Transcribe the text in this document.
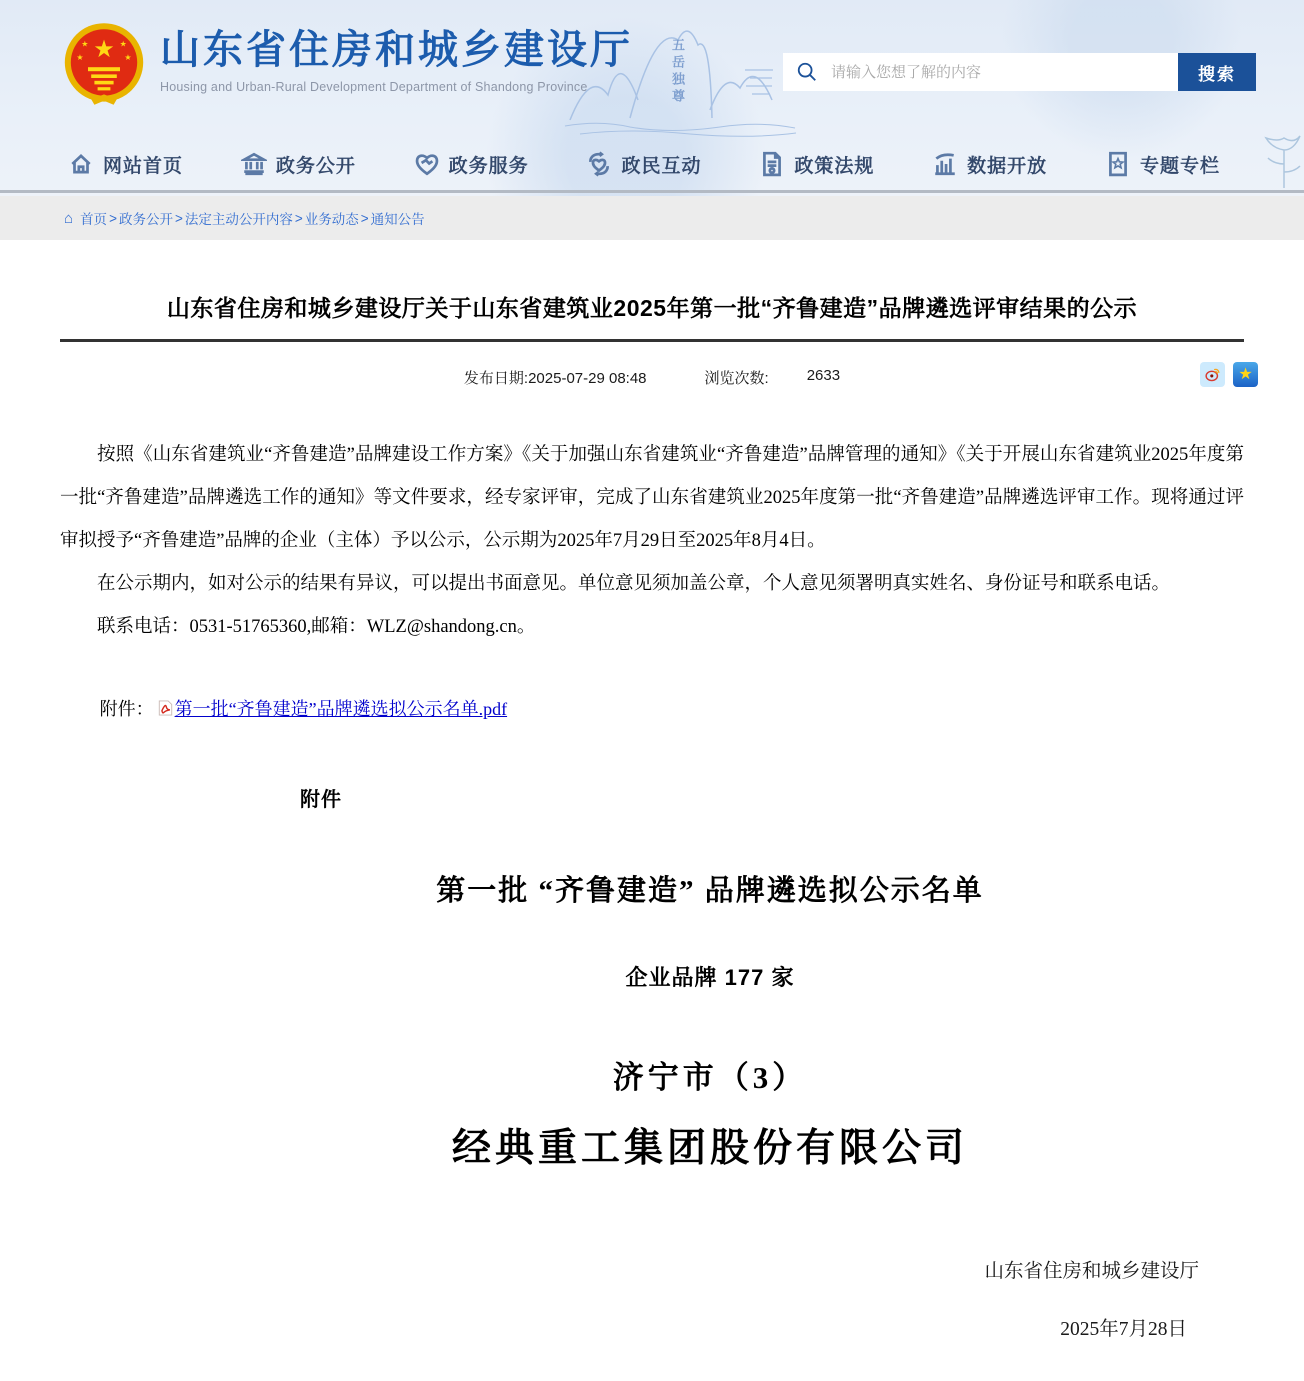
★
★	★
★	★ 山东省住房和城乡建设厅
Housing and Urban-Rural Development Department of Shandong Province	五岳独尊
请输入您想了解的内容	搜索
网站首页	政务公开	政务服务	政民互动	政策法规	数据开放	专题专栏
⌂ 首页 > 政务公开 > 法定主动公开内容 > 业务动态 > 通知公告
山东省住房和城乡建设厅关于山东省建筑业2025年第一批“齐鲁建造”品牌遴选评审结果的公示
发布日期:2025-07-29 08:48	浏览次数:	2633	★

按照《山东省建筑业“齐鲁建造”品牌建设工作方案》《关于加强山东省建筑业“齐鲁建造”品牌管理的通知》《关于开展山东省建筑业2025年度第一批“齐鲁建造”品牌遴选工作的通知》等文件要求，经专家评审，完成了山东省建筑业2025年度第一批“齐鲁建造”品牌遴选评审工作。现将通过评审拟授予“齐鲁建造”品牌的企业（主体）予以公示，公示期为2025年7月29日至2025年8月4日。

在公示期内，如对公示的结果有异议，可以提出书面意见。单位意见须加盖公章，个人意见须署明真实姓名、身份证号和联系电话。

联系电话：0531-51765360,邮箱：WLZ@shandong.cn。

附件： 第一批“齐鲁建造”品牌遴选拟公示名单.pdf
附件
第一批 “齐鲁建造” 品牌遴选拟公示名单
企业品牌 177 家
济宁市（3）
经典重工集团股份有限公司
山东省住房和城乡建设厅
2025年7月28日
